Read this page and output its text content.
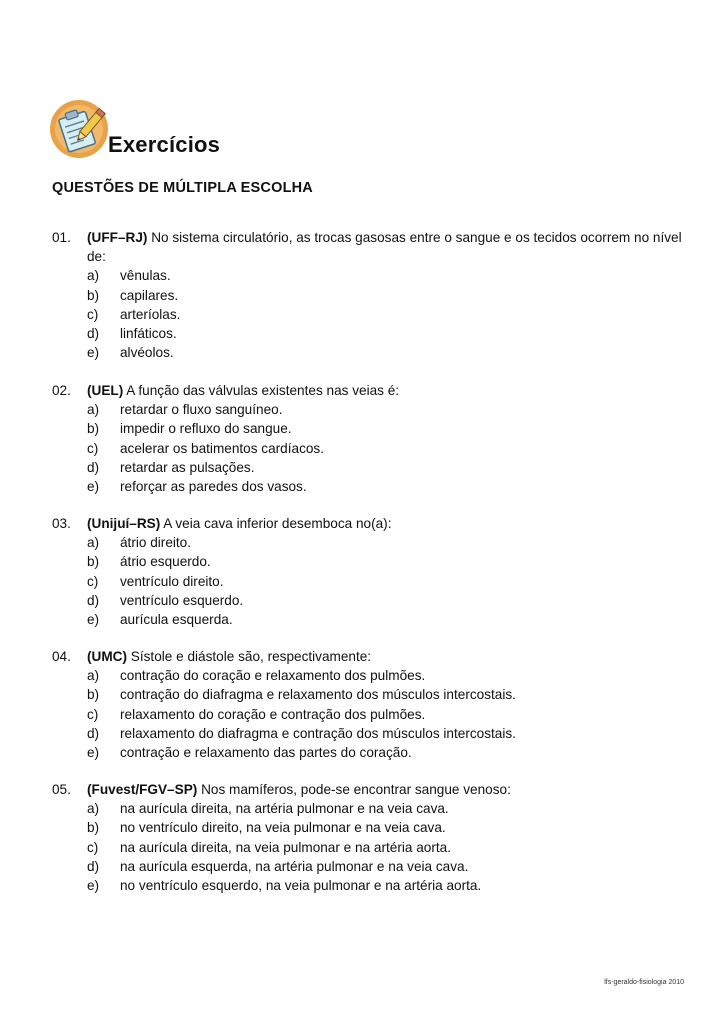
Exercícios
QUESTÕES DE MÚLTIPLA ESCOLHA
01.	(UFF–RJ) No sistema circulatório, as trocas gasosas entre o sangue e os tecidos ocorrem no nível
de:
a) vênulas.
b) capilares.
c) arteríolas.
d) linfáticos.
e) alvéolos.
02.	(UEL) A função das válvulas existentes nas veias é:
a) retardar o fluxo sanguíneo.
b) impedir o refluxo do sangue.
c) acelerar os batimentos cardíacos.
d) retardar as pulsações.
e) reforçar as paredes dos vasos.
03.	(Unijuí–RS) A veia cava inferior desemboca no(a):
a) átrio direito.
b) átrio esquerdo.
c) ventrículo direito.
d) ventrículo esquerdo.
e) aurícula esquerda.
04.	(UMC) Sístole e diástole são, respectivamente:
a) contração do coração e relaxamento dos pulmões.
b) contração do diafragma e relaxamento dos músculos intercostais.
c) relaxamento do coração e contração dos pulmões.
d) relaxamento do diafragma e contração dos músculos intercostais.
e) contração e relaxamento das partes do coração.
05.	(Fuvest/FGV–SP) Nos mamíferos, pode-se encontrar sangue venoso:
a) na aurícula direita, na artéria pulmonar e na veia cava.
b) no ventrículo direito, na veia pulmonar e na veia cava.
c) na aurícula direita, na veia pulmonar e na artéria aorta.
d) na aurícula esquerda, na artéria pulmonar e na veia cava.
e) no ventrículo esquerdo, na veia pulmonar e na artéria aorta.
lfs-geraldo-fisiologia 2010
